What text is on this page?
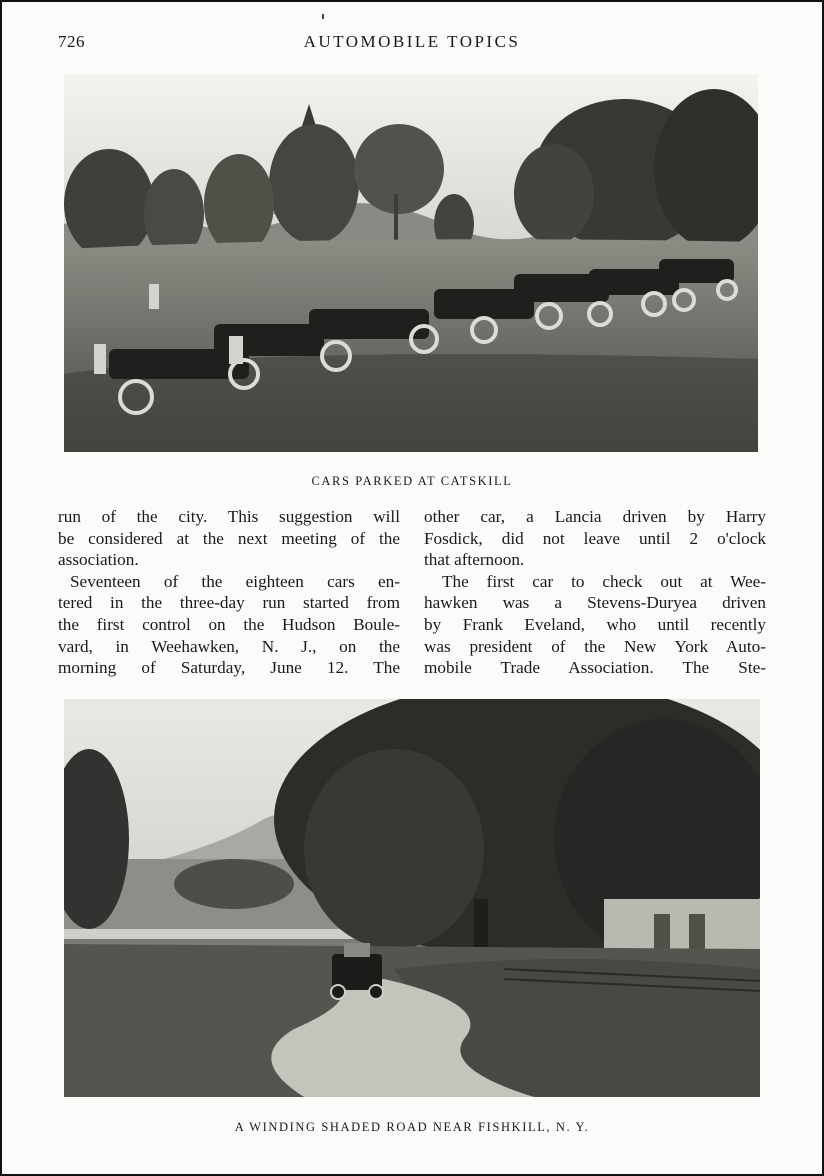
726	AUTOMOBILE TOPICS
CARS PARKED AT CATSKILL
run of the city. This suggestion will
be considered at the next meeting of the
association.
Seventeen of the eighteen cars en-
tered in the three-day run started from
the first control on the Hudson Boule-
vard, in Weehawken, N. J., on the
morning of Saturday, June 12. The
other car, a Lancia driven by Harry
Fosdick, did not leave until 2 o'clock
that afternoon.
The first car to check out at Wee-
hawken was a Stevens-Duryea driven
by Frank Eveland, who until recently
was president of the New York Auto-
mobile Trade Association. The Ste-
A WINDING SHADED ROAD NEAR FISHKILL, N. Y.
